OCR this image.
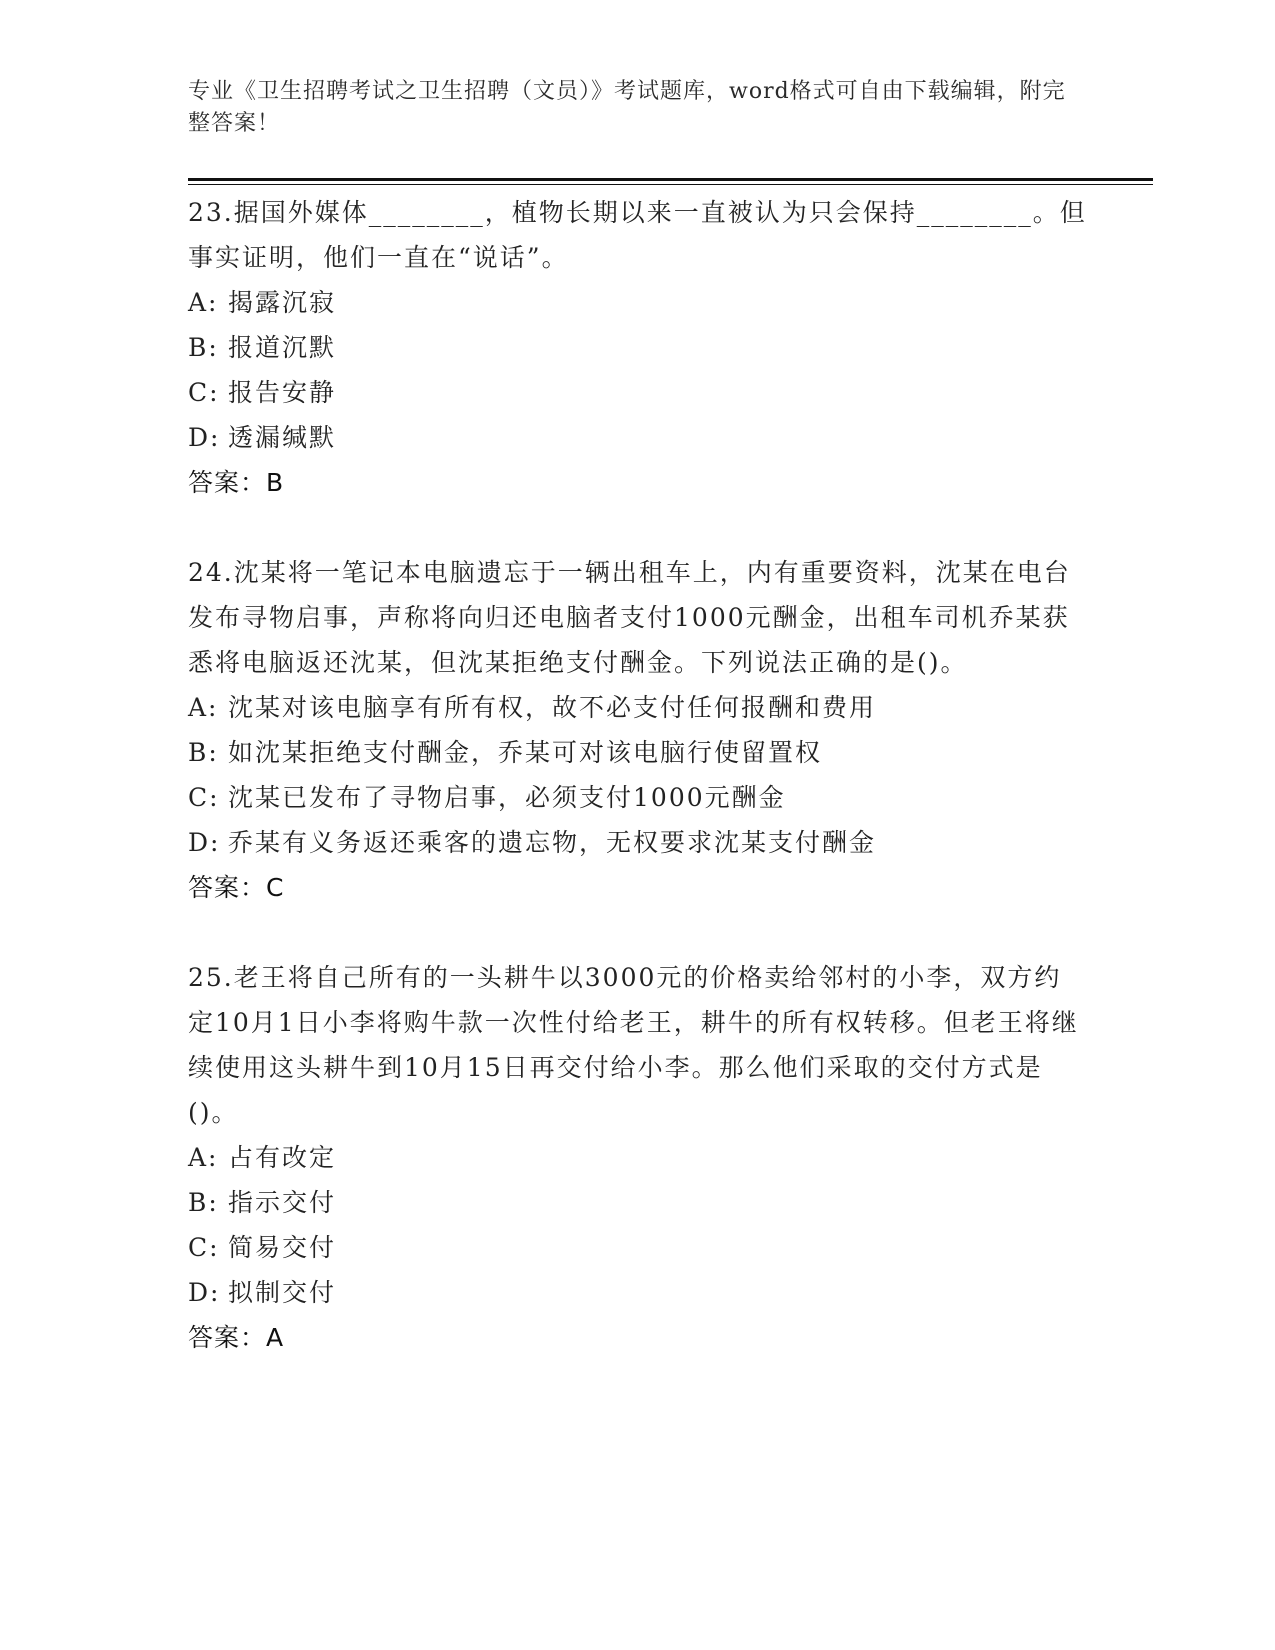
专业《卫生招聘考试之卫生招聘（文员）》考试题库，word格式可自由下载编辑，附完整答案！

23.据国外媒体________，植物长期以来一直被认为只会保持________。但事实证明，他们一直在“说话”。

A: 揭露沉寂

B: 报道沉默

C: 报告安静

D: 透漏缄默

答案：B

24.沈某将一笔记本电脑遗忘于一辆出租车上，内有重要资料，沈某在电台发布寻物启事，声称将向归还电脑者支付1000元酬金，出租车司机乔某获悉将电脑返还沈某，但沈某拒绝支付酬金。下列说法正确的是()。

A: 沈某对该电脑享有所有权，故不必支付任何报酬和费用

B: 如沈某拒绝支付酬金，乔某可对该电脑行使留置权

C: 沈某已发布了寻物启事，必须支付1000元酬金

D: 乔某有义务返还乘客的遗忘物，无权要求沈某支付酬金

答案：C

25.老王将自己所有的一头耕牛以3000元的价格卖给邻村的小李，双方约定10月1日小李将购牛款一次性付给老王，耕牛的所有权转移。但老王将继续使用这头耕牛到10月15日再交付给小李。那么他们采取的交付方式是()。

A: 占有改定

B: 指示交付

C: 简易交付

D: 拟制交付

答案：A
